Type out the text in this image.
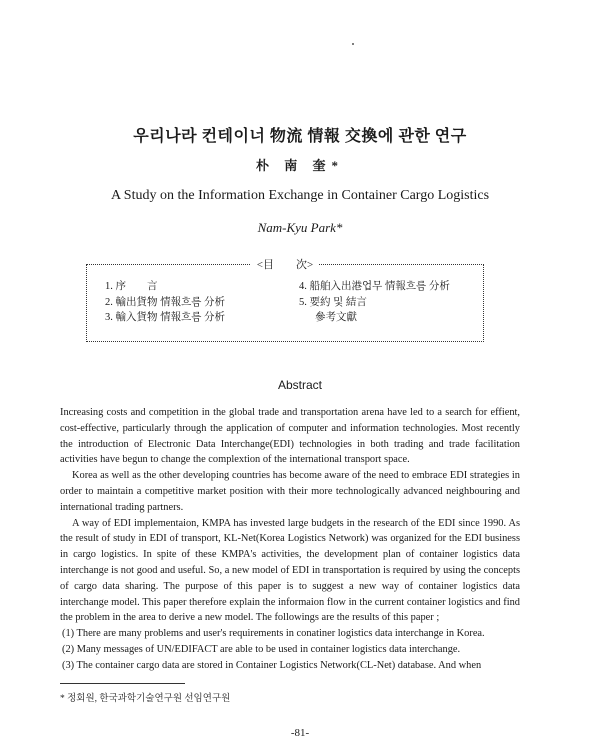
우리나라 컨테이너 物流 情報 交換에 관한 연구
朴 南 奎*
A Study on the Information Exchange in Container Cargo Logistics
Nam-Kyu Park*
<目　　次>
1. 序　　言
2. 輸出貨物 情報흐름 分析
3. 輸入貨物 情報흐름 分析
4. 船舶入出港업무 情報흐름 分析
5. 要約 및 結言
參考文獻
Abstract

Increasing costs and competition in the global trade and transportation arena have led to a search for effient, cost-effective, particularly through the application of computer and information technologies. Most recently the introduction of Electronic Data Interchange(EDI) technologies in both trading and trade facilitation activities have begun to change the complextion of the international transport space.

Korea as well as the other developing countries has become aware of the need to embrace EDI strategies in order to maintain a competitive market position with their more technologically advanced neighbouring and international trading partners.

A way of EDI implementaion, KMPA has invested large budgets in the research of the EDI since 1990. As the result of study in EDI of transport, KL-Net(Korea Logistics Network) was organized for the EDI business in cargo logistics. In spite of these KMPA's activities, the development plan of container logistics data interchange is not good and useful. So, a new model of EDI in transportation is required by using the concepts of cargo data sharing. The purpose of this paper is to suggest a new way of container logistics data interchange model. This paper therefore explain the informaion flow in the current container logistics and find the problem in the area to derive a new model. The followings are the results of this paper ;

(1) There are many problems and user's requirements in conatiner logistics data interchange in Korea.
(2) Many messages of UN/EDIFACT are able to be used in container logistics data interchange.
(3) The container cargo data are stored in Container Logistics Network(CL-Net) database. And when
* 정회원, 한국과학기술연구원 선임연구원
-81-
